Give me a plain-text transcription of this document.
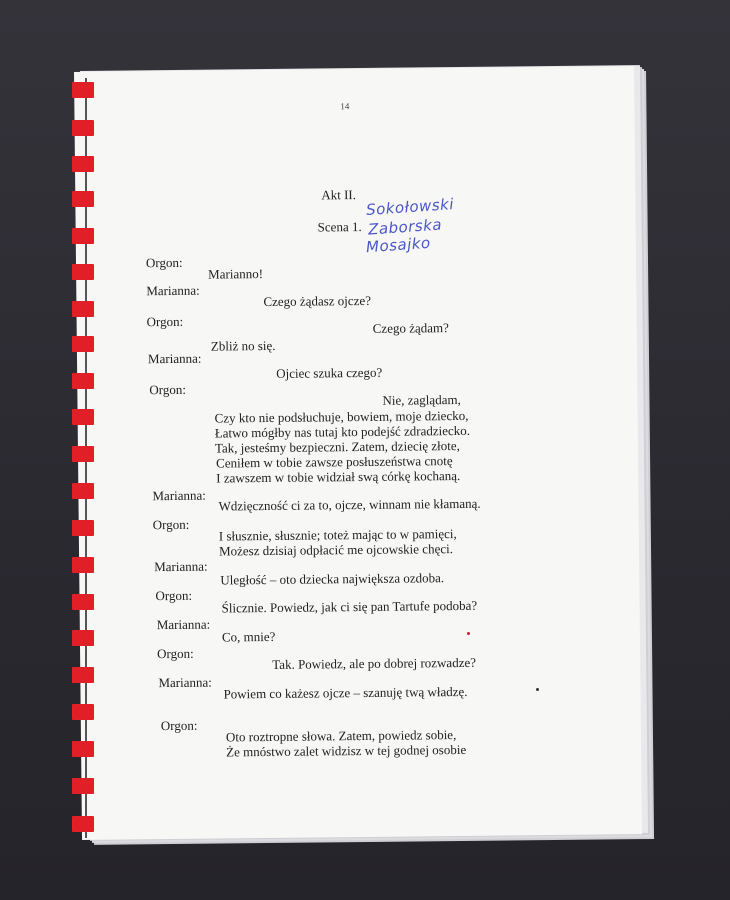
14
Akt II.
Scena 1.
Orgon:
Marianna:
Orgon:
Marianna:
Orgon:
Marianna:
Orgon:
Marianna:
Orgon:
Marianna:
Orgon:
Marianna:
Orgon:
Marianno!
Czego żądasz ojcze?
Czego żądam?
Zbliż no się.
Ojciec szuka czego?
Nie, zaglądam,
Czy kto nie podsłuchuje, bowiem, moje dziecko,
Łatwo mógłby nas tutaj kto podejść zdradziecko.
Tak, jesteśmy bezpieczni. Zatem, dziecię złote,
Ceniłem w tobie zawsze posłuszeństwa cnotę
I zawszem w tobie widział swą córkę kochaną.
Wdzięczność ci za to, ojcze, winnam nie kłamaną.
I słusznie, słusznie; toteż mając to w pamięci,
Możesz dzisiaj odpłacić me ojcowskie chęci.
Uległość – oto dziecka największa ozdoba.
Ślicznie. Powiedz, jak ci się pan Tartufe podoba?
Co, mnie?
Tak. Powiedz, ale po dobrej rozwadze?
Powiem co każesz ojcze – szanuję twą władzę.
Oto roztropne słowa. Zatem, powiedz sobie,
Że mnóstwo zalet widzisz w tej godnej osobie
Sokołowski
Zaborska
Mosajko
